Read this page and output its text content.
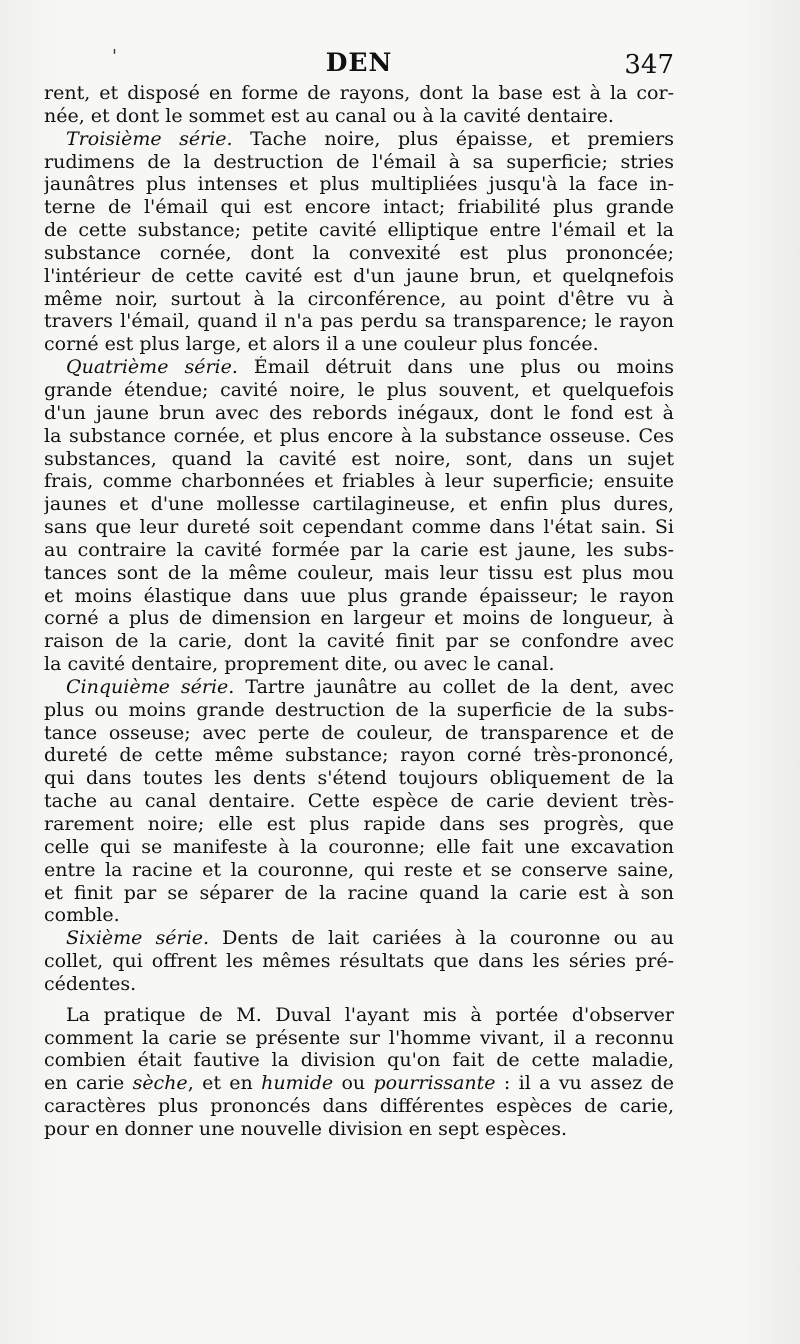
'	DEN	347
rent, et disposé en forme de rayons, dont la base est à la cor-
née, et dont le sommet est au canal ou à la cavité dentaire.
Troisième série. Tache noire, plus épaisse, et premiers
rudimens de la destruction de l'émail à sa superficie; stries
jaunâtres plus intenses et plus multipliées jusqu'à la face in-
terne de l'émail qui est encore intact; friabilité plus grande
de cette substance; petite cavité elliptique entre l'émail et la
substance cornée, dont la convexité est plus prononcée;
l'intérieur de cette cavité est d'un jaune brun, et quelqnefois
même noir, surtout à la circonférence, au point d'être vu à
travers l'émail, quand il n'a pas perdu sa transparence; le rayon
corné est plus large, et alors il a une couleur plus foncée.
Quatrième série. Émail détruit dans une plus ou moins
grande étendue; cavité noire, le plus souvent, et quelquefois
d'un jaune brun avec des rebords inégaux, dont le fond est à
la substance cornée, et plus encore à la substance osseuse. Ces
substances, quand la cavité est noire, sont, dans un sujet
frais, comme charbonnées et friables à leur superficie; ensuite
jaunes et d'une mollesse cartilagineuse, et enfin plus dures,
sans que leur dureté soit cependant comme dans l'état sain. Si
au contraire la cavité formée par la carie est jaune, les subs-
tances sont de la même couleur, mais leur tissu est plus mou
et moins élastique dans uue plus grande épaisseur; le rayon
corné a plus de dimension en largeur et moins de longueur, à
raison de la carie, dont la cavité finit par se confondre avec
la cavité dentaire, proprement dite, ou avec le canal.
Cinquième série. Tartre jaunâtre au collet de la dent, avec
plus ou moins grande destruction de la superficie de la subs-
tance osseuse; avec perte de couleur, de transparence et de
dureté de cette même substance; rayon corné très-prononcé,
qui dans toutes les dents s'étend toujours obliquement de la
tache au canal dentaire. Cette espèce de carie devient très-
rarement noire; elle est plus rapide dans ses progrès, que
celle qui se manifeste à la couronne; elle fait une excavation
entre la racine et la couronne, qui reste et se conserve saine,
et finit par se séparer de la racine quand la carie est à son
comble.
Sixième série. Dents de lait cariées à la couronne ou au
collet, qui offrent les mêmes résultats que dans les séries pré-
cédentes.
La pratique de M. Duval l'ayant mis à portée d'observer
comment la carie se présente sur l'homme vivant, il a reconnu
combien était fautive la division qu'on fait de cette maladie,
en carie sèche, et en humide ou pourrissante : il a vu assez de
caractères plus prononcés dans différentes espèces de carie,
pour en donner une nouvelle division en sept espèces.
